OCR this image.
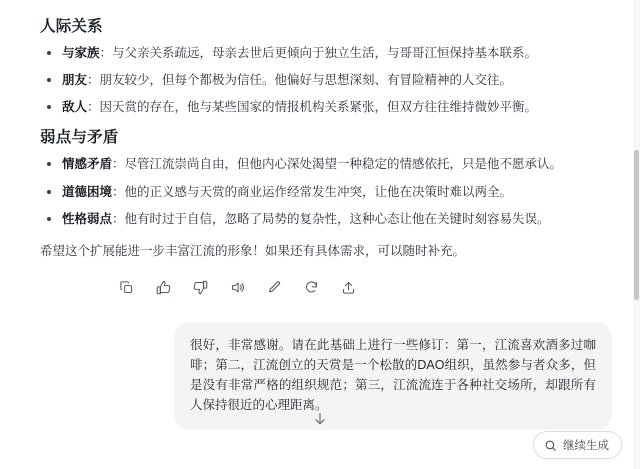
人际关系
与家族：与父亲关系疏远，母亲去世后更倾向于独立生活，与哥哥江恒保持基本联系。
朋友：朋友较少，但每个都极为信任。他偏好与思想深刻、有冒险精神的人交往。
敌人：因天赏的存在，他与某些国家的情报机构关系紧张，但双方往往维持微妙平衡。
弱点与矛盾
情感矛盾：尽管江流崇尚自由，但他内心深处渴望一种稳定的情感依托，只是他不愿承认。
道德困境：他的正义感与天赏的商业运作经常发生冲突，让他在决策时难以两全。
性格弱点：他有时过于自信，忽略了局势的复杂性，这种心态让他在关键时刻容易失误。

希望这个扩展能进一步丰富江流的形象！如果还有具体需求，可以随时补充。

很好，非常感谢。请在此基础上进行一些修订：第一，江流喜欢酒多过咖啡；第二，江流创立的天赏是一个松散的DAO组织，虽然参与者众多，但是没有非常严格的组织规范；第三，江流流连于各种社交场所，却跟所有人保持很近的心理距离。
继续生成
